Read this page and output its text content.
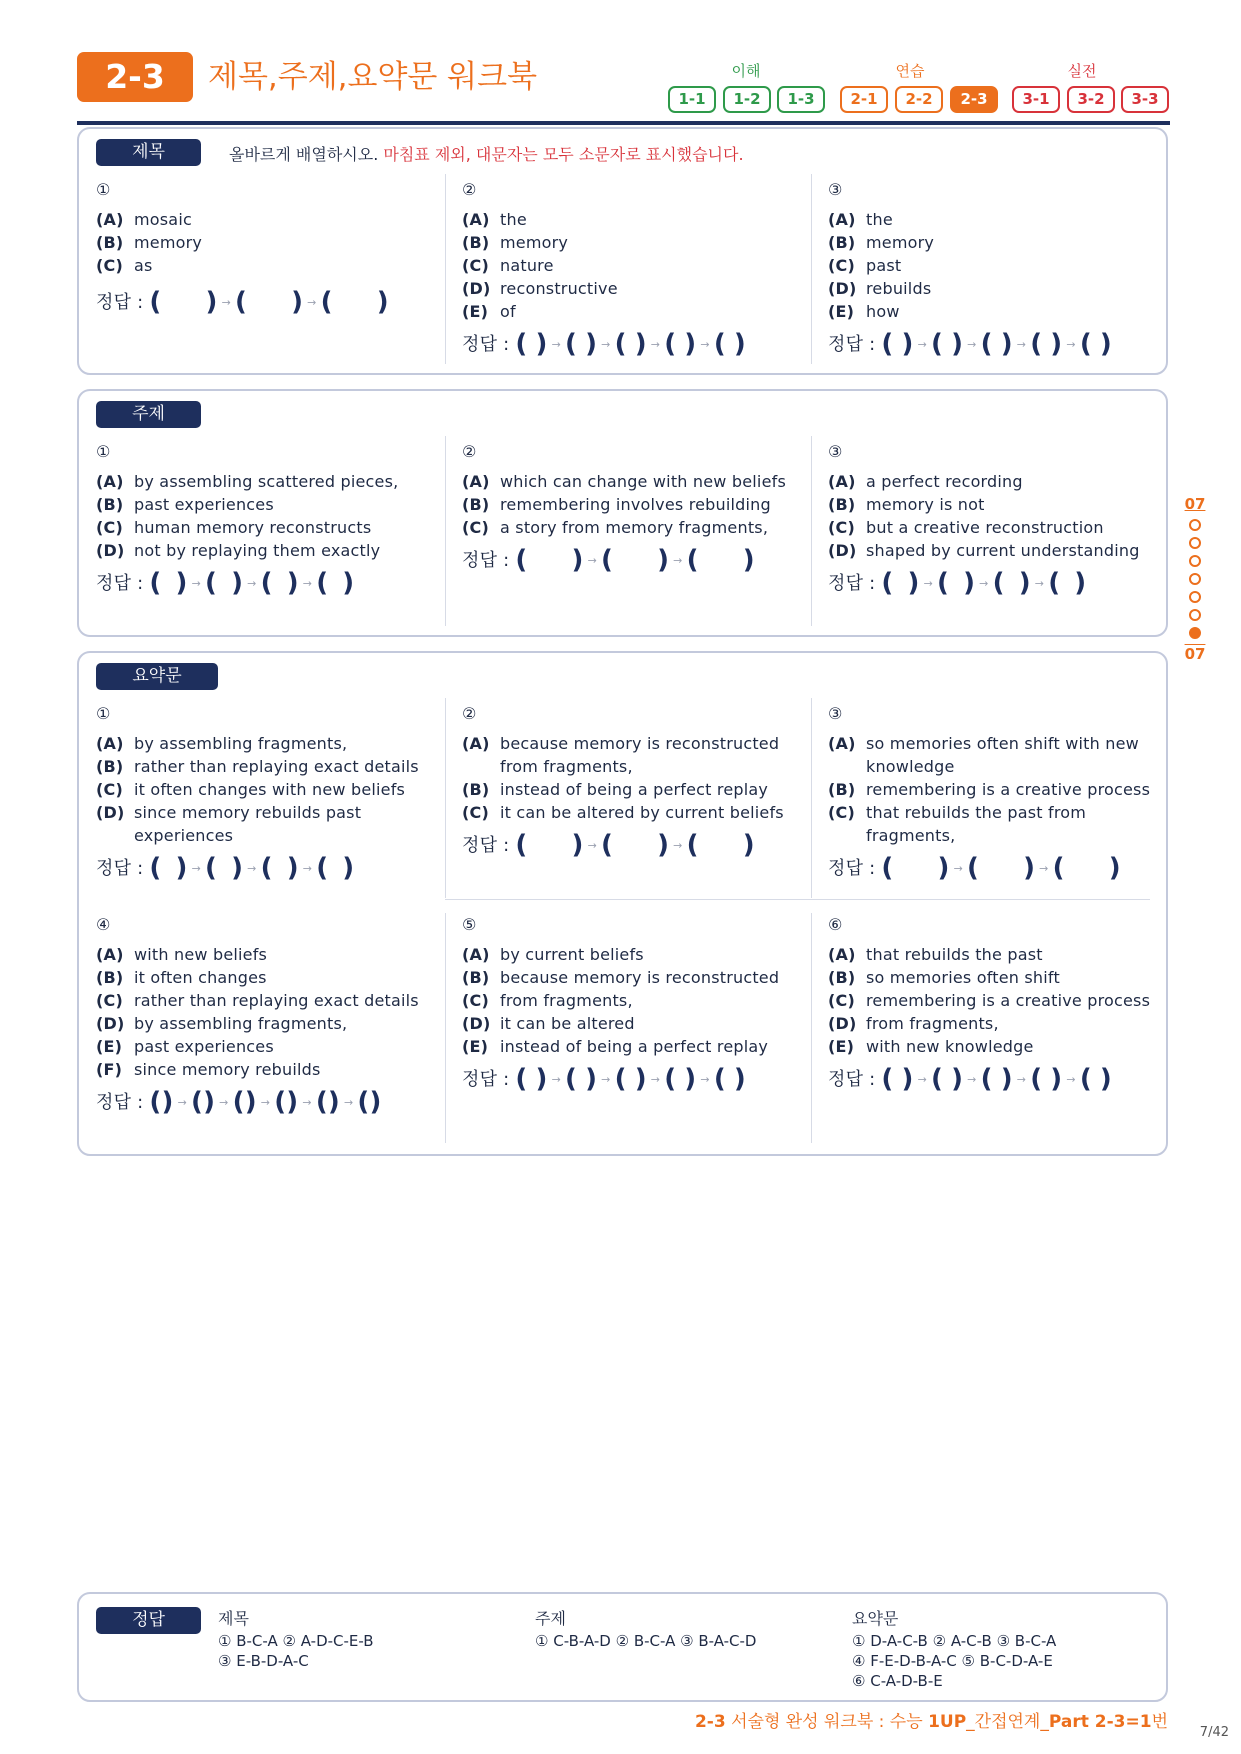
2-3	제목,주제,요약문 워크북	이해	연습	실전
1-1	1-2	1-3	2-1	2-2	2-3	3-1	3-2	3-3
제목	올바르게 배열하시오. 마침표 제외, 대문자는 모두 소문자로 표시했습니다.
①
(A) mosaic
(B) memory
(C) as
정답 : ( ) → ( ) → ( )
②
(A) the
(B) memory
(C) nature
(D) reconstructive
(E) of
정답 : ( ) → ( ) → ( ) → ( ) → ( )
③
(A) the
(B) memory
(C) past
(D) rebuilds
(E) how
정답 : ( ) → ( ) → ( ) → ( ) → ( )
주제
①
(A) by assembling scattered pieces,
(B) past experiences
(C) human memory reconstructs
(D) not by replaying them exactly
정답 : ( ) → ( ) → ( ) → ( )
②
(A) which can change with new beliefs
(B) remembering involves rebuilding
(C) a story from memory fragments,
정답 : ( ) → ( ) → ( )
③
(A) a perfect recording
(B) memory is not
(C) but a creative reconstruction
(D) shaped by current understanding
정답 : ( ) → ( ) → ( ) → ( )
요약문
①
(A) by assembling fragments,
(B) rather than replaying exact details
(C) it often changes with new beliefs
(D) since memory rebuilds past experiences
정답 : ( ) → ( ) → ( ) → ( )
②
(A) because memory is reconstructed from fragments,
(B) instead of being a perfect replay
(C) it can be altered by current beliefs
정답 : ( ) → ( ) → ( )
③
(A) so memories often shift with new knowledge
(B) remembering is a creative process
(C) that rebuilds the past from fragments,
정답 : ( ) → ( ) → ( )
④
(A) with new beliefs
(B) it often changes
(C) rather than replaying exact details
(D) by assembling fragments,
(E) past experiences
(F) since memory rebuilds
정답 : ( ) → ( ) → ( ) → ( ) → ( ) → ( )
⑤
(A) by current beliefs
(B) because memory is reconstructed
(C) from fragments,
(D) it can be altered
(E) instead of being a perfect replay
정답 : ( ) → ( ) → ( ) → ( ) → ( )
⑥
(A) that rebuilds the past
(B) so memories often shift
(C) remembering is a creative process
(D) from fragments,
(E) with new knowledge
정답 : ( ) → ( ) → ( ) → ( ) → ( )
07
07
정답	제목
① B-C-A ② A-D-C-E-B
③ E-B-D-A-C
주제
① C-B-A-D ② B-C-A ③ B-A-C-D
요약문
① D-A-C-B ② A-C-B ③ B-C-A
④ F-E-D-B-A-C ⑤ B-C-D-A-E
⑥ C-A-D-B-E
2-3 서술형 완성 워크북 : 수능 1UP_간접연계_Part 2-3=1번
7/42
